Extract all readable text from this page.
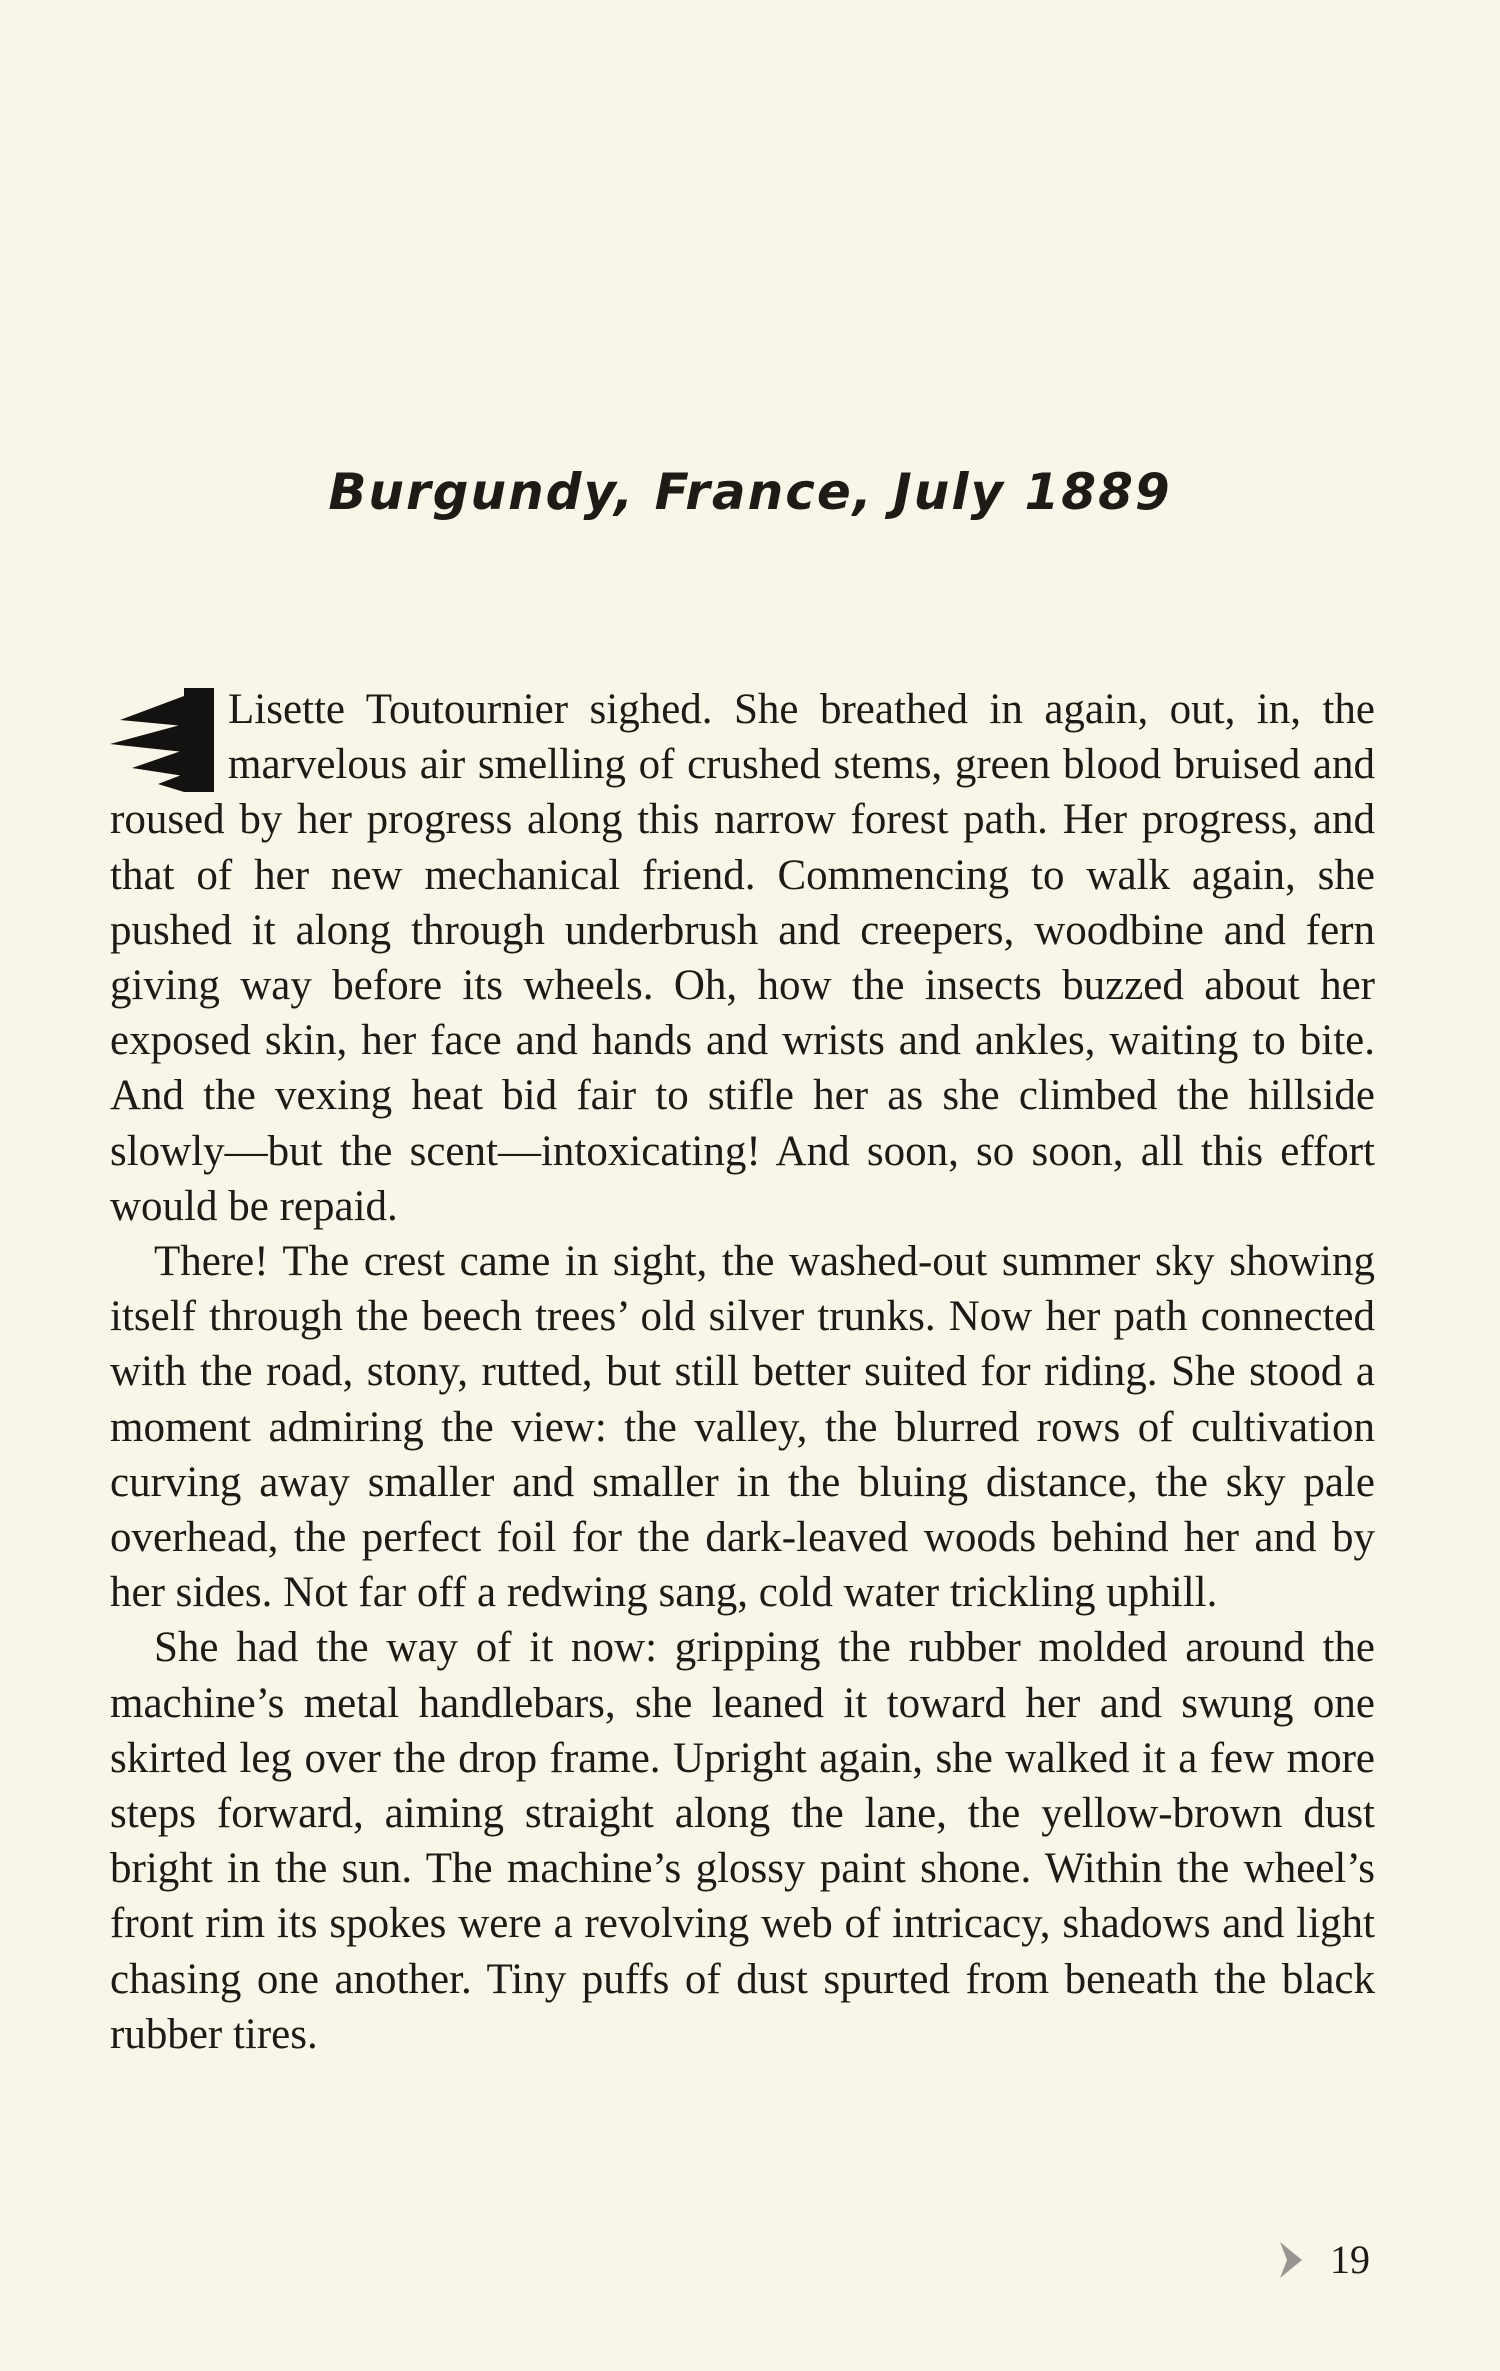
Burgundy, France, July 1889

Lisette Toutournier sighed. She breathed in again, out, in, the marvelous air smelling of crushed stems, green blood bruised and roused by her progress along this narrow forest path. Her progress, and that of her new mechanical friend. Commencing to walk again, she pushed it along through underbrush and creepers, woodbine and fern giving way before its wheels. Oh, how the insects buzzed about her exposed skin, her face and hands and wrists and ankles, waiting to bite. And the vexing heat bid fair to stifle her as she climbed the hillside slowly—but the scent—intoxicating! And soon, so soon, all this effort would be repaid.

There! The crest came in sight, the washed-out summer sky showing itself through the beech trees’ old silver trunks. Now her path connected with the road, stony, rutted, but still better suited for riding. She stood a moment admiring the view: the valley, the blurred rows of cultivation curving away smaller and smaller in the bluing distance, the sky pale overhead, the perfect foil for the dark-leaved woods behind her and by her sides. Not far off a redwing sang, cold water trickling uphill.

She had the way of it now: gripping the rubber molded around the machine’s metal handlebars, she leaned it toward her and swung one skirted leg over the drop frame. Upright again, she walked it a few more steps forward, aiming straight along the lane, the yellow-brown dust bright in the sun. The machine’s glossy paint shone. Within the wheel’s front rim its spokes were a revolving web of intricacy, shadows and light chasing one another. Tiny puffs of dust spurted from beneath the black rubber tires.

19
